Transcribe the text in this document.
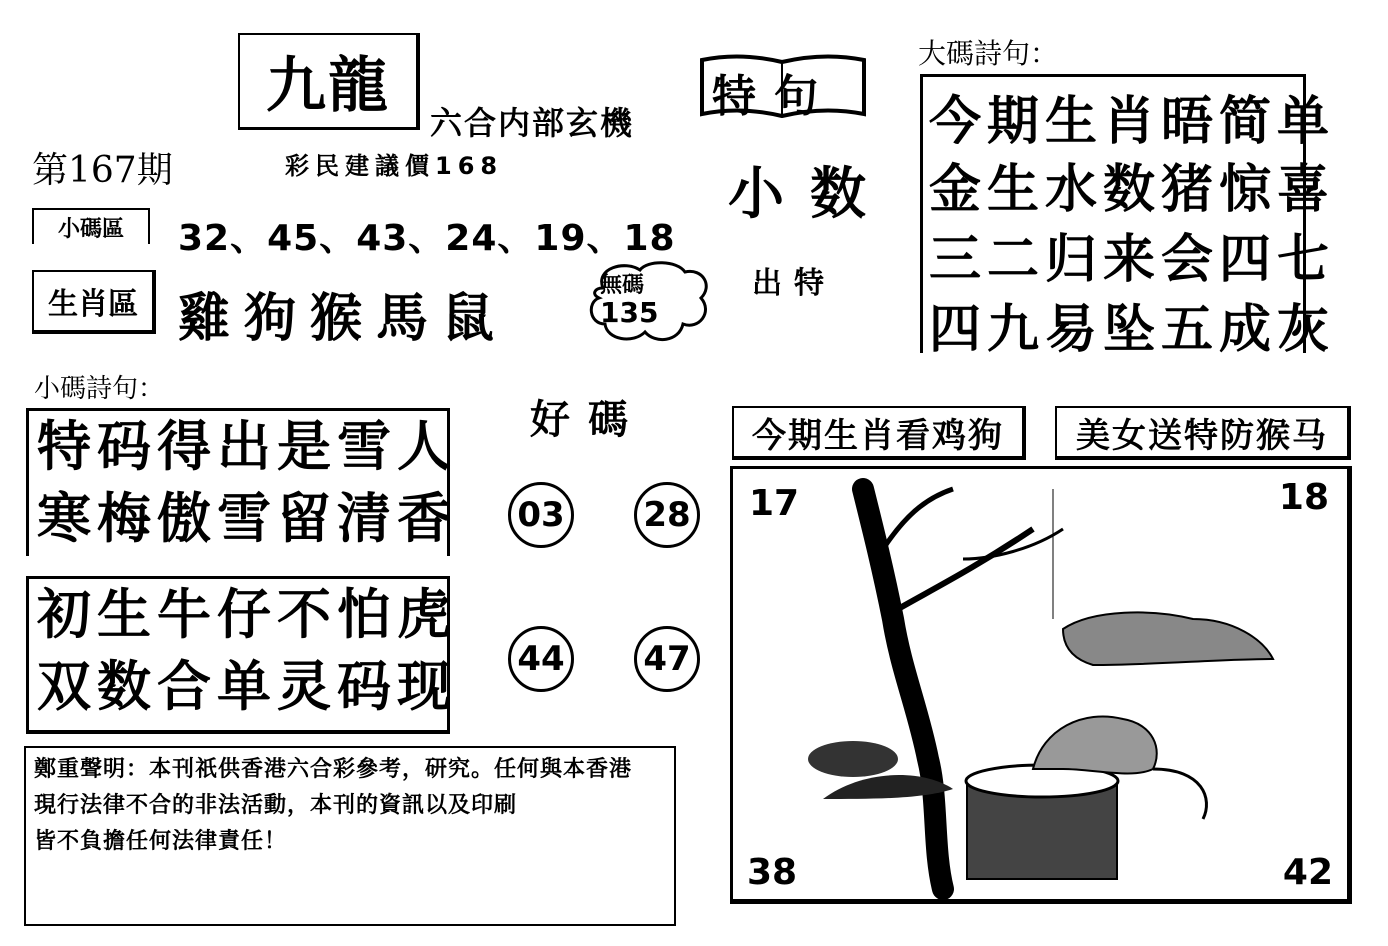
九龍
六合内部玄機
第167期	彩民建議價168
小碼區	32、45、43、24、19、18
生肖區 雞狗猴馬鼠
無碼
135
小碼詩句：
特码得出是雪人
寒梅傲雪留清香
初生牛仔不怕虎
双数合单灵码现
特句
小数
出特
好碼
03 28
44 47
大碼詩句：
今期生肖晤简单
金生水数猪惊喜
三二归来会四七
四九易坠五成灰
今期生肖看鸡狗	美女送特防猴马
17	18
38	42
鄭重聲明：本刊祇供香港六合彩參考，研究。任何與本香港
現行法律不合的非法活動，本刊的資訊以及印刷
皆不負擔任何法律責任！
